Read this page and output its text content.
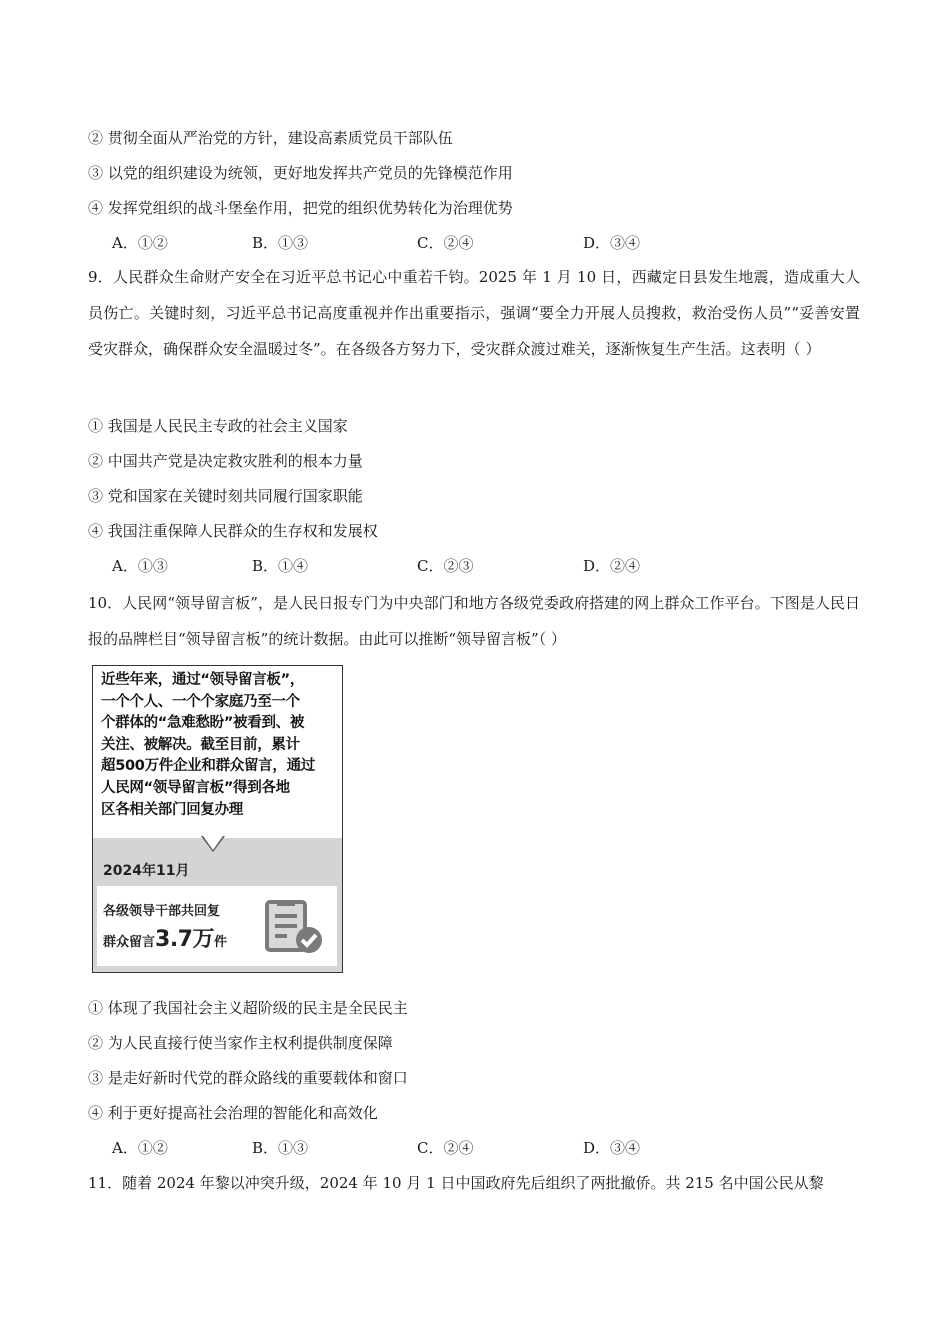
② 贯彻全面从严治党的方针，建设高素质党员干部队伍
③ 以党的组织建设为统领，更好地发挥共产党员的先锋模范作用
④ 发挥党组织的战斗堡垒作用，把党的组织优势转化为治理优势
A．①②	B．①③	C．②④	D．③④
9．人民群众生命财产安全在习近平总书记心中重若千钧。2025 年 1 月 10 日，西藏定日县发生地震，造成重大人员伤亡。关键时刻，习近平总书记高度重视并作出重要指示，强调“要全力开展人员搜救，救治受伤人员”“妥善安置受灾群众，确保群众安全温暖过冬”。在各级各方努力下，受灾群众渡过难关，逐渐恢复生产生活。这表明（ ）
① 我国是人民民主专政的社会主义国家
② 中国共产党是决定救灾胜利的根本力量
③ 党和国家在关键时刻共同履行国家职能
④ 我国注重保障人民群众的生存权和发展权
A．①③	B．①④	C．②③	D．②④
10．人民网“领导留言板”，是人民日报专门为中央部门和地方各级党委政府搭建的网上群众工作平台。下图是人民日报的品牌栏目“领导留言板”的统计数据。由此可以推断“领导留言板”（ ）
近些年来，通过“领导留言板”，
一个个人、一个个家庭乃至一个
个群体的“急难愁盼”被看到、被
关注、被解决。截至目前，累计
超500万件企业和群众留言，通过
人民网“领导留言板”得到各地
区各相关部门回复办理
2024年11月
各级领导干部共回复
群众留言3.7万件
① 体现了我国社会主义超阶级的民主是全民民主
② 为人民直接行使当家作主权利提供制度保障
③ 是走好新时代党的群众路线的重要载体和窗口
④ 利于更好提高社会治理的智能化和高效化
A．①②	B．①③	C．②④	D．③④
11．随着 2024 年黎以冲突升级，2024 年 10 月 1 日中国政府先后组织了两批撤侨。共 215 名中国公民从黎
